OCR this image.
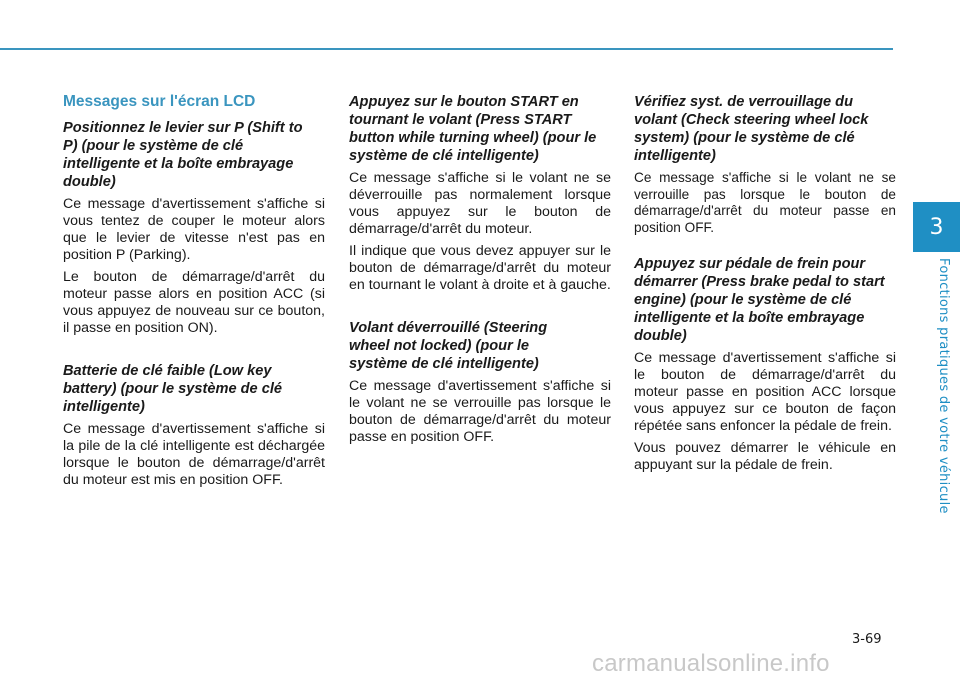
3
Fonctions pratiques de votre véhicule
Messages sur l'écran LCD
Positionnez le levier sur P (Shift to P) (pour le système de clé intelligente et la boîte embrayage double)

Ce message d'avertissement s'affiche si vous tentez de couper le moteur alors que le levier de vitesse n'est pas en position P (Parking).

Le bouton de démarrage/d'arrêt du moteur passe alors en position ACC (si vous appuyez de nouveau sur ce bouton, il passe en position ON).

Batterie de clé faible (Low key battery) (pour le système de clé intelligente)

Ce message d'avertissement s'affiche si la pile de la clé intelligente est déchargée lorsque le bouton de démarrage/d'arrêt du moteur est mis en position OFF.

Appuyez sur le bouton START en tournant le volant (Press START button while turning wheel) (pour le système de clé intelligente)

Ce message s'affiche si le volant ne se déverrouille pas normalement lorsque vous appuyez sur le bouton de démarrage/d'arrêt du moteur.

Il indique que vous devez appuyer sur le bouton de démarrage/d'arrêt du moteur en tournant le volant à droite et à gauche.

Volant déverrouillé (Steering wheel not locked) (pour le système de clé intelligente)

Ce message d'avertissement s'affiche si le volant ne se verrouille pas lorsque le bouton de démarrage/d'arrêt du moteur passe en position OFF.

Vérifiez syst. de verrouillage du volant (Check steering wheel lock system) (pour le système de clé intelligente)

Ce message s'affiche si le volant ne se verrouille pas lorsque le bouton de démarrage/d'arrêt du moteur passe en position OFF.

Appuyez sur pédale de frein pour démarrer (Press brake pedal to start engine) (pour le système de clé intelligente et la boîte embrayage double)

Ce message d'avertissement s'affiche si le bouton de démarrage/d'arrêt du moteur passe en position ACC lorsque vous appuyez sur ce bouton de façon répétée sans enfoncer la pédale de frein.

Vous pouvez démarrer le véhicule en appuyant sur la pédale de frein.

3-69
carmanualsonline.info
